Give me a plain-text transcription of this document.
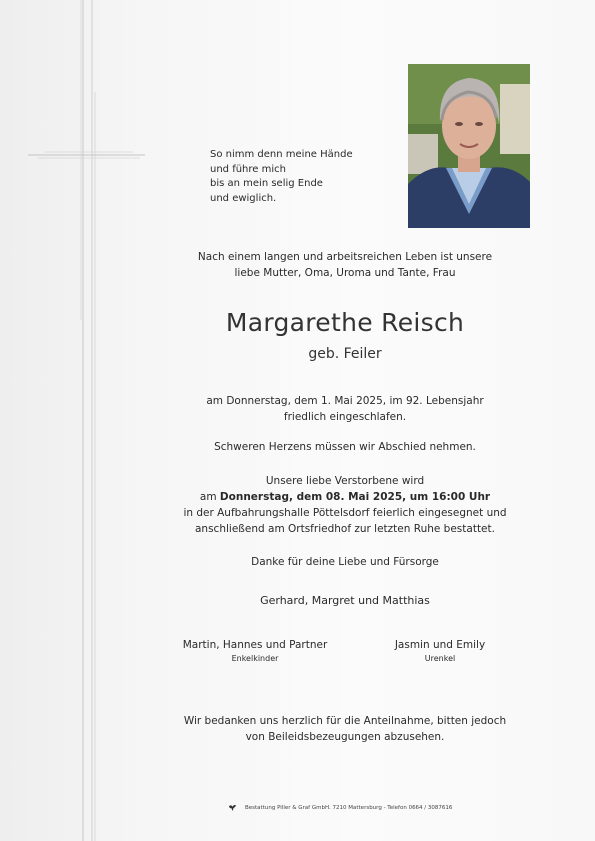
So nimm denn meine Hände
und führe mich
bis an mein selig Ende
und ewiglich.
Nach einem langen und arbeitsreichen Leben ist unsere
liebe Mutter, Oma, Uroma und Tante, Frau
Margarethe Reisch
geb. Feiler
am Donnerstag, dem 1. Mai 2025, im 92. Lebensjahr
friedlich eingeschlafen.
Schweren Herzens müssen wir Abschied nehmen.
Unsere liebe Verstorbene wird
am Donnerstag, dem 08. Mai 2025, um 16:00 Uhr
in der Aufbahrungshalle Pöttelsdorf feierlich eingesegnet und
anschließend am Ortsfriedhof zur letzten Ruhe bestattet.
Danke für deine Liebe und Fürsorge
Gerhard, Margret und Matthias
Martin, Hannes und Partner
Enkelkinder
Jasmin und Emily
Urenkel
Wir bedanken uns herzlich für die Anteilnahme, bitten jedoch
von Beileidsbezeugungen abzusehen.
Bestattung Piller & Graf GmbH. 7210 Mattersburg - Telefon 0664 / 3087616
